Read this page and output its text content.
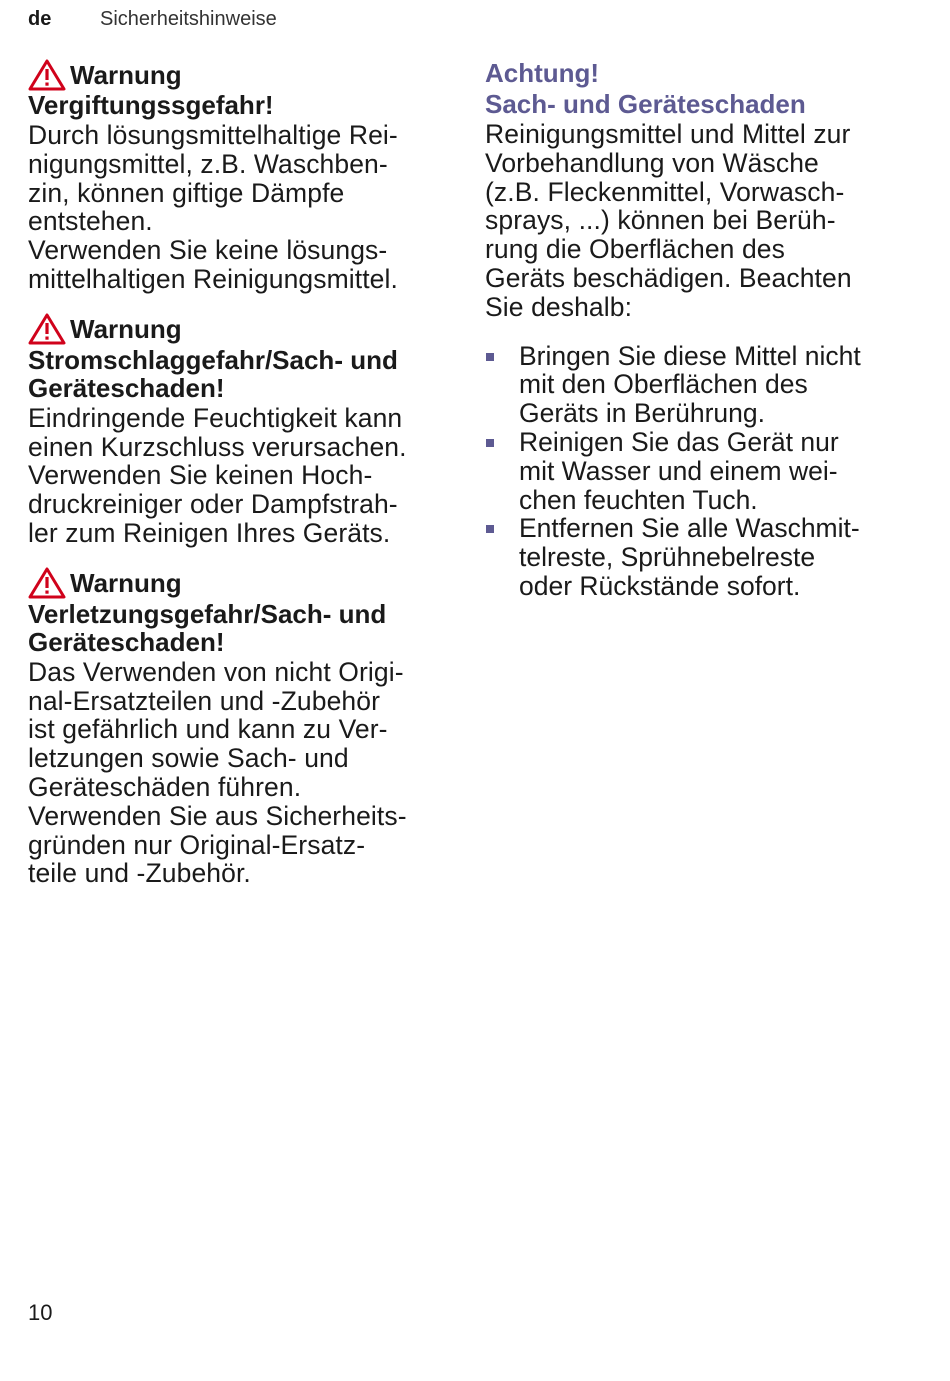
de	Sicherheitshinweise
Warnung
Vergiftungssgefahr!
Durch lösungsmittelhaltige Rei-
nigungsmittel, z.B. Waschben-
zin, können giftige Dämpfe
entstehen.
Verwenden Sie keine lösungs-
mittelhaltigen Reinigungsmittel.
Warnung
Stromschlaggefahr/Sach- und
Geräteschaden!
Eindringende Feuchtigkeit kann
einen Kurzschluss verursachen.
Verwenden Sie keinen Hoch-
druckreiniger oder Dampfstrah-
ler zum Reinigen Ihres Geräts.
Warnung
Verletzungsgefahr/Sach- und
Geräteschaden!
Das Verwenden von nicht Origi-
nal-Ersatzteilen und -Zubehör
ist gefährlich und kann zu Ver-
letzungen sowie Sach- und
Geräteschäden führen.
Verwenden Sie aus Sicherheits-
gründen nur Original-Ersatz-
teile und -Zubehör.
Achtung!
Sach- und Geräteschaden
Reinigungsmittel und Mittel zur
Vorbehandlung von Wäsche
(z.B. Fleckenmittel, Vorwasch-
sprays, ...) können bei Berüh-
rung die Oberflächen des
Geräts beschädigen. Beachten
Sie deshalb:
Bringen Sie diese Mittel nicht
mit den Oberflächen des
Geräts in Berührung.
Reinigen Sie das Gerät nur
mit Wasser und einem wei-
chen feuchten Tuch.
Entfernen Sie alle Waschmit-
telreste, Sprühnebelreste
oder Rückstände sofort.
10
